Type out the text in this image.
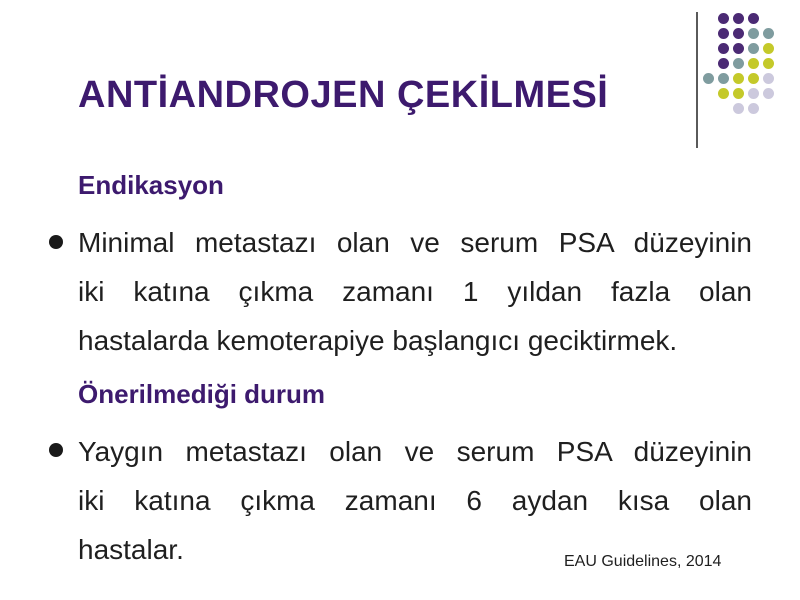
ANTİANDROJEN ÇEKİLMESİ
Endikasyon
Minimal metastazı olan ve serum PSA düzeyinin
iki katına çıkma zamanı 1 yıldan fazla olan
hastalarda kemoterapiye başlangıcı geciktirmek.
Önerilmediği durum
Yaygın metastazı olan ve serum PSA düzeyinin
iki katına çıkma zamanı 6 aydan kısa olan
hastalar.	EAU Guidelines, 2014
